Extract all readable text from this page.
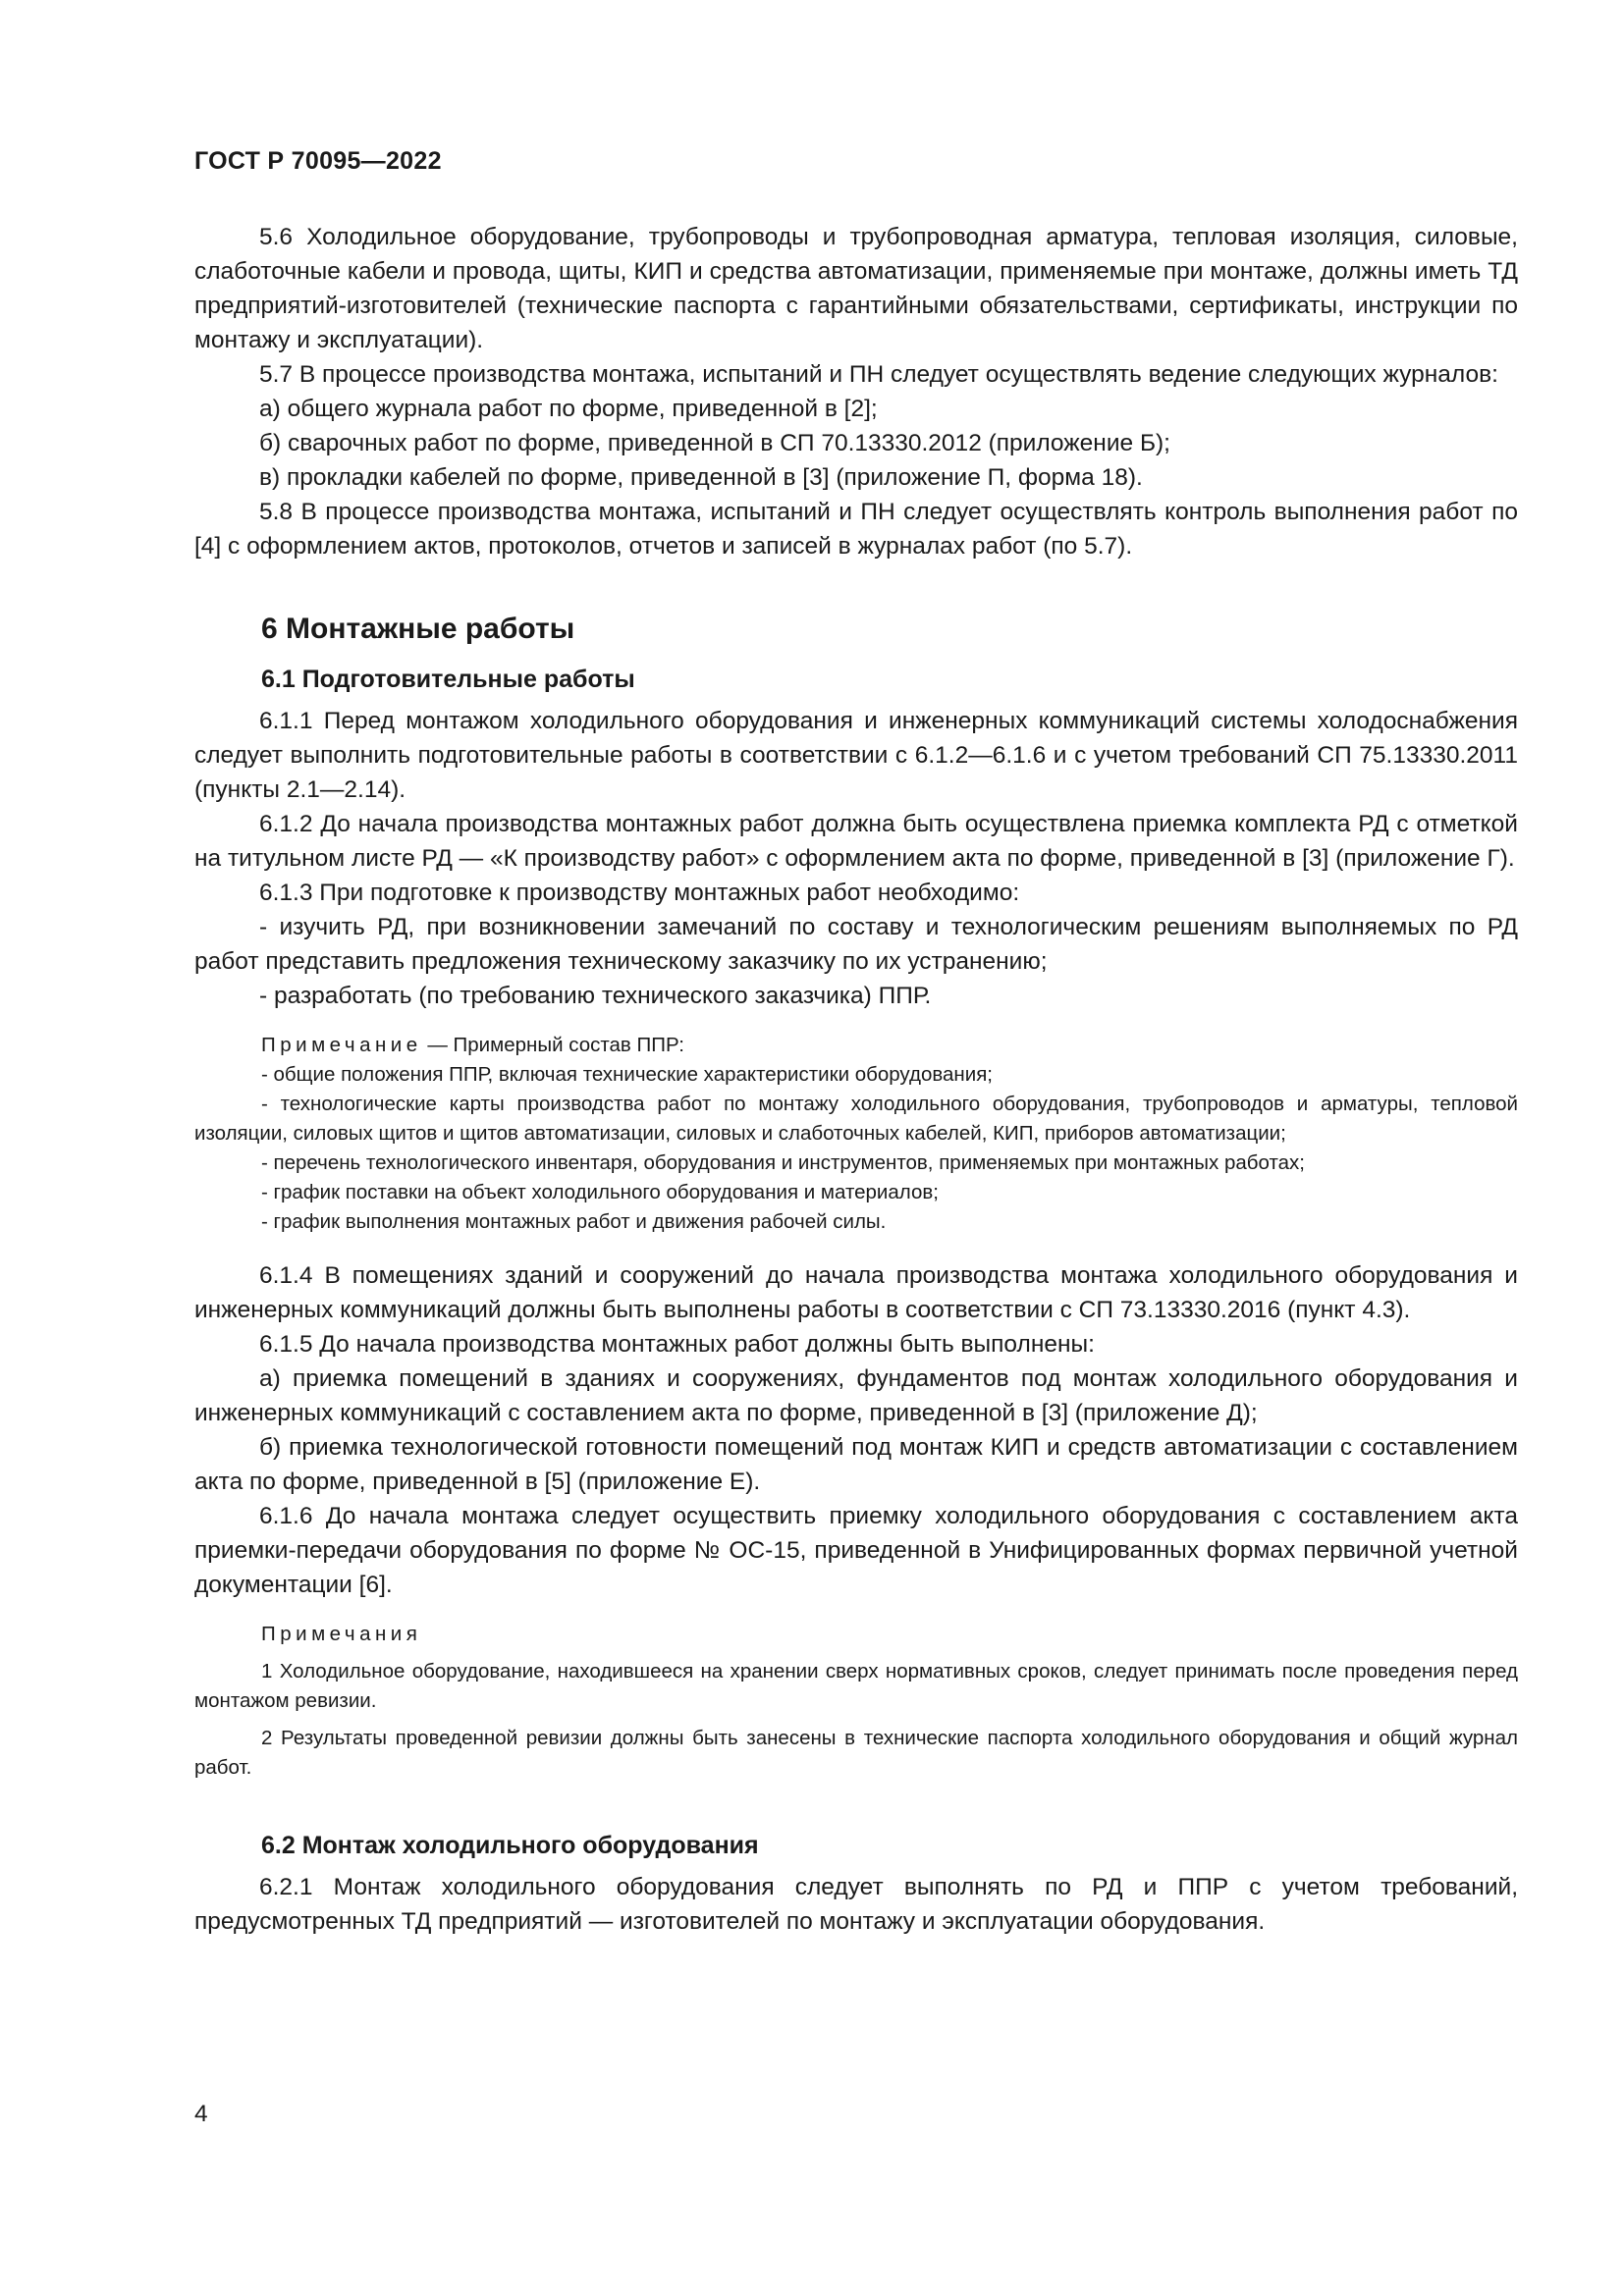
ГОСТ Р 70095—2022

5.6 Холодильное оборудование, трубопроводы и трубопроводная арматура, тепловая изоляция, силовые, слаботочные кабели и провода, щиты, КИП и средства автоматизации, применяемые при монтаже, должны иметь ТД предприятий-изготовителей (технические паспорта с гарантийными обязательствами, сертификаты, инструкции по монтажу и эксплуатации).

5.7 В процессе производства монтажа, испытаний и ПН следует осуществлять ведение следующих журналов:

а) общего журнала работ по форме, приведенной в [2];

б) сварочных работ по форме, приведенной в СП 70.13330.2012 (приложение Б);

в) прокладки кабелей по форме, приведенной в [3] (приложение П, форма 18).

5.8 В процессе производства монтажа, испытаний и ПН следует осуществлять контроль выполнения работ по [4] с оформлением актов, протоколов, отчетов и записей в журналах работ (по 5.7).

6 Монтажные работы
6.1 Подготовительные работы

6.1.1 Перед монтажом холодильного оборудования и инженерных коммуникаций системы холодоснабжения следует выполнить подготовительные работы в соответствии с 6.1.2—6.1.6 и с учетом требований СП 75.13330.2011 (пункты 2.1—2.14).

6.1.2 До начала производства монтажных работ должна быть осуществлена приемка комплекта РД с отметкой на титульном листе РД — «К производству работ» с оформлением акта по форме, приведенной в [3] (приложение Г).

6.1.3 При подготовке к производству монтажных работ необходимо:

- изучить РД, при возникновении замечаний по составу и технологическим решениям выполняемых по РД работ представить предложения техническому заказчику по их устранению;

- разработать (по требованию технического заказчика) ППР.

Примечание — Примерный состав ППР:

- общие положения ППР, включая технические характеристики оборудования;

- технологические карты производства работ по монтажу холодильного оборудования, трубопроводов и арматуры, тепловой изоляции, силовых щитов и щитов автоматизации, силовых и слаботочных кабелей, КИП, приборов автоматизации;

- перечень технологического инвентаря, оборудования и инструментов, применяемых при монтажных работах;

- график поставки на объект холодильного оборудования и материалов;

- график выполнения монтажных работ и движения рабочей силы.

6.1.4 В помещениях зданий и сооружений до начала производства монтажа холодильного оборудования и инженерных коммуникаций должны быть выполнены работы в соответствии с СП 73.13330.2016 (пункт 4.3).

6.1.5 До начала производства монтажных работ должны быть выполнены:

а) приемка помещений в зданиях и сооружениях, фундаментов под монтаж холодильного оборудования и инженерных коммуникаций с составлением акта по форме, приведенной в [3] (приложение Д);

б) приемка технологической готовности помещений под монтаж КИП и средств автоматизации с составлением акта по форме, приведенной в [5] (приложение Е).

6.1.6 До начала монтажа следует осуществить приемку холодильного оборудования с составлением акта приемки-передачи оборудования по форме № ОС-15, приведенной в Унифицированных формах первичной учетной документации [6].

Примечания

1 Холодильное оборудование, находившееся на хранении сверх нормативных сроков, следует принимать после проведения перед монтажом ревизии.

2 Результаты проведенной ревизии должны быть занесены в технические паспорта холодильного оборудования и общий журнал работ.

6.2 Монтаж холодильного оборудования

6.2.1 Монтаж холодильного оборудования следует выполнять по РД и ППР с учетом требований, предусмотренных ТД предприятий — изготовителей по монтажу и эксплуатации оборудования.

4
